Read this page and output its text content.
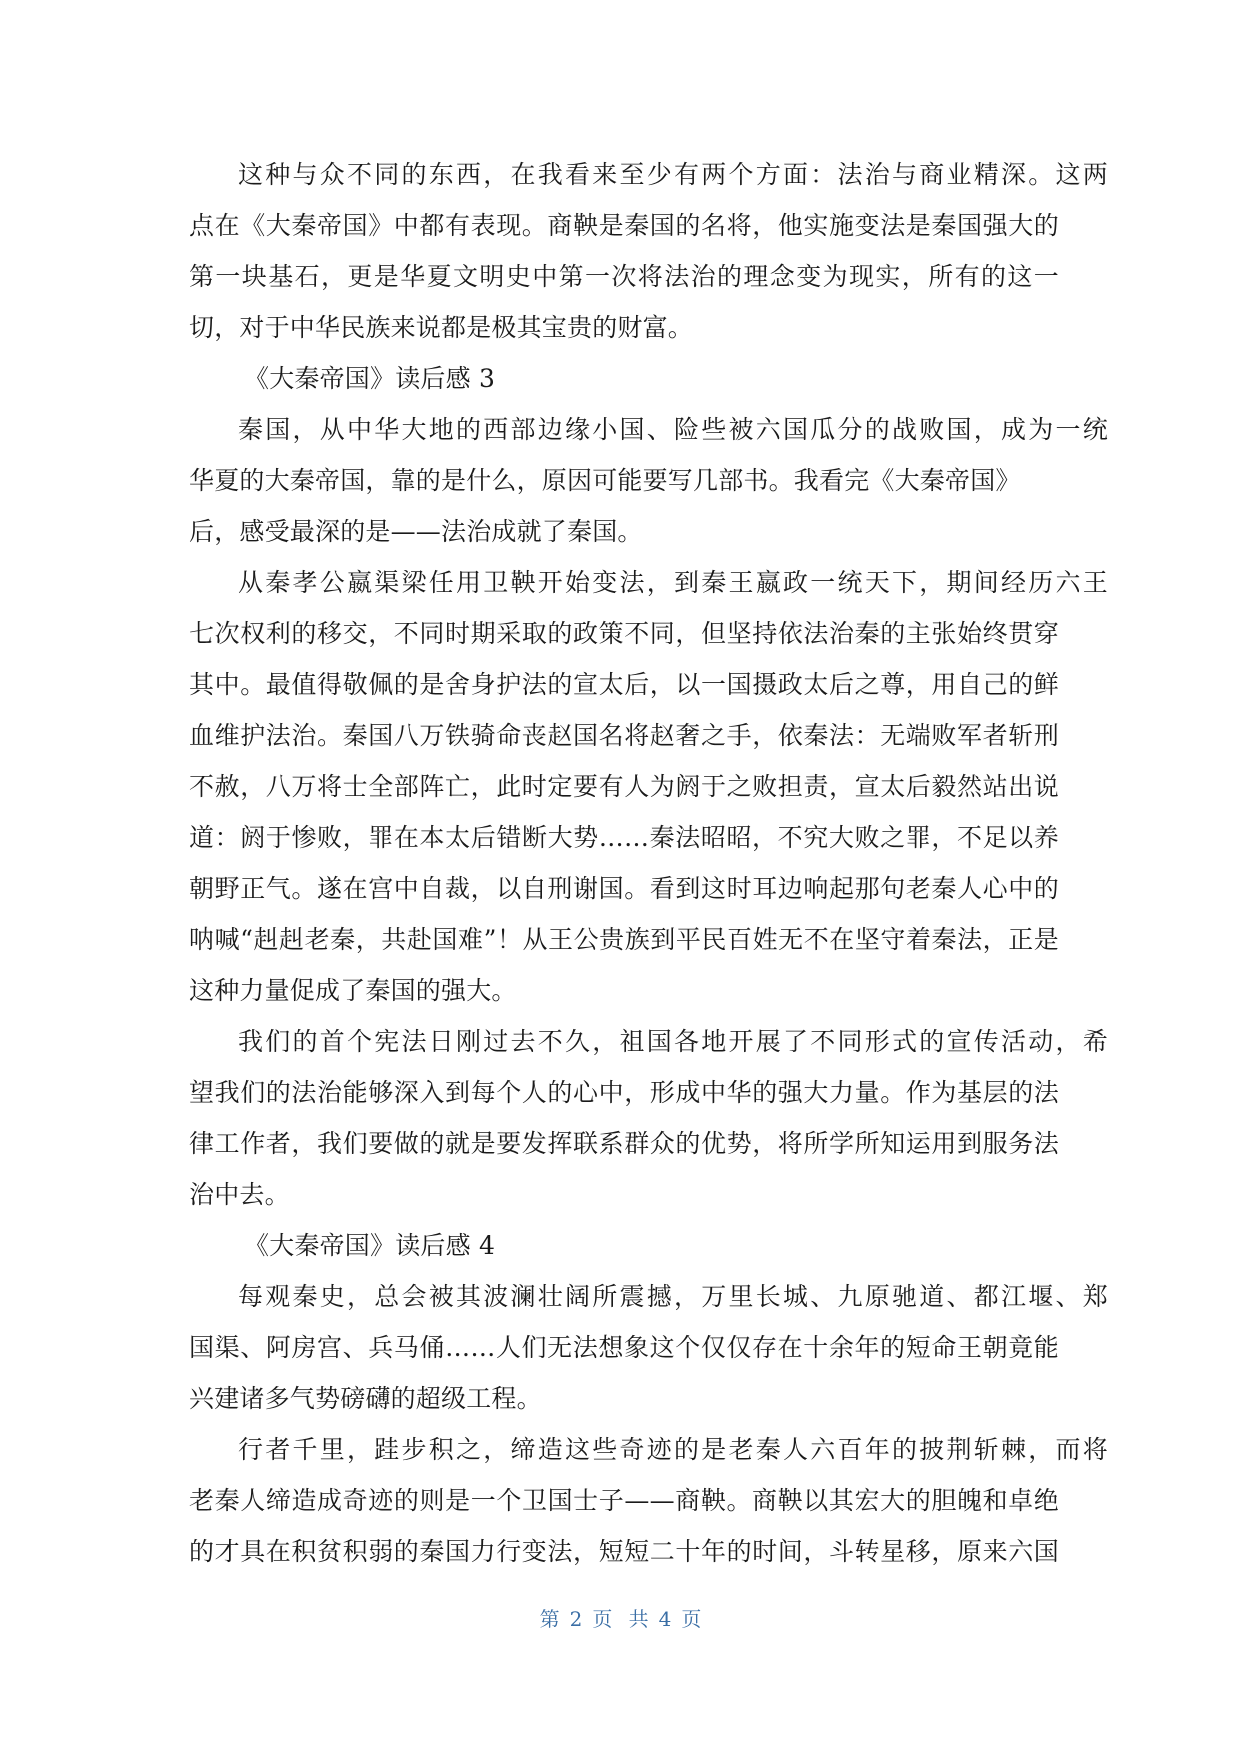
这种与众不同的东西，在我看来至少有两个方面：法治与商业精深。这两
点在《大秦帝国》中都有表现。商鞅是秦国的名将，他实施变法是秦国强大的
第一块基石，更是华夏文明史中第一次将法治的理念变为现实，所有的这一
切，对于中华民族来说都是极其宝贵的财富。
《大秦帝国》读后感 3
秦国，从中华大地的西部边缘小国、险些被六国瓜分的战败国，成为一统
华夏的大秦帝国，靠的是什么，原因可能要写几部书。我看完《大秦帝国》
后，感受最深的是——法治成就了秦国。
从秦孝公嬴渠梁任用卫鞅开始变法，到秦王嬴政一统天下，期间经历六王
七次权利的移交，不同时期采取的政策不同，但坚持依法治秦的主张始终贯穿
其中。最值得敬佩的是舍身护法的宣太后，以一国摄政太后之尊，用自己的鲜
血维护法治。秦国八万铁骑命丧赵国名将赵奢之手，依秦法：无端败军者斩刑
不赦，八万将士全部阵亡，此时定要有人为阏于之败担责，宣太后毅然站出说
道：阏于惨败，罪在本太后错断大势……秦法昭昭，不究大败之罪，不足以养
朝野正气。遂在宫中自裁，以自刑谢国。看到这时耳边响起那句老秦人心中的
呐喊“赳赳老秦，共赴国难”！从王公贵族到平民百姓无不在坚守着秦法，正是
这种力量促成了秦国的强大。
我们的首个宪法日刚过去不久，祖国各地开展了不同形式的宣传活动，希
望我们的法治能够深入到每个人的心中，形成中华的强大力量。作为基层的法
律工作者，我们要做的就是要发挥联系群众的优势，将所学所知运用到服务法
治中去。
《大秦帝国》读后感 4
每观秦史，总会被其波澜壮阔所震撼，万里长城、九原驰道、都江堰、郑
国渠、阿房宫、兵马俑……人们无法想象这个仅仅存在十余年的短命王朝竟能
兴建诸多气势磅礴的超级工程。
行者千里，跬步积之，缔造这些奇迹的是老秦人六百年的披荆斩棘，而将
老秦人缔造成奇迹的则是一个卫国士子——商鞅。商鞅以其宏大的胆魄和卓绝
的才具在积贫积弱的秦国力行变法，短短二十年的时间，斗转星移，原来六国
第 2 页 共 4 页
